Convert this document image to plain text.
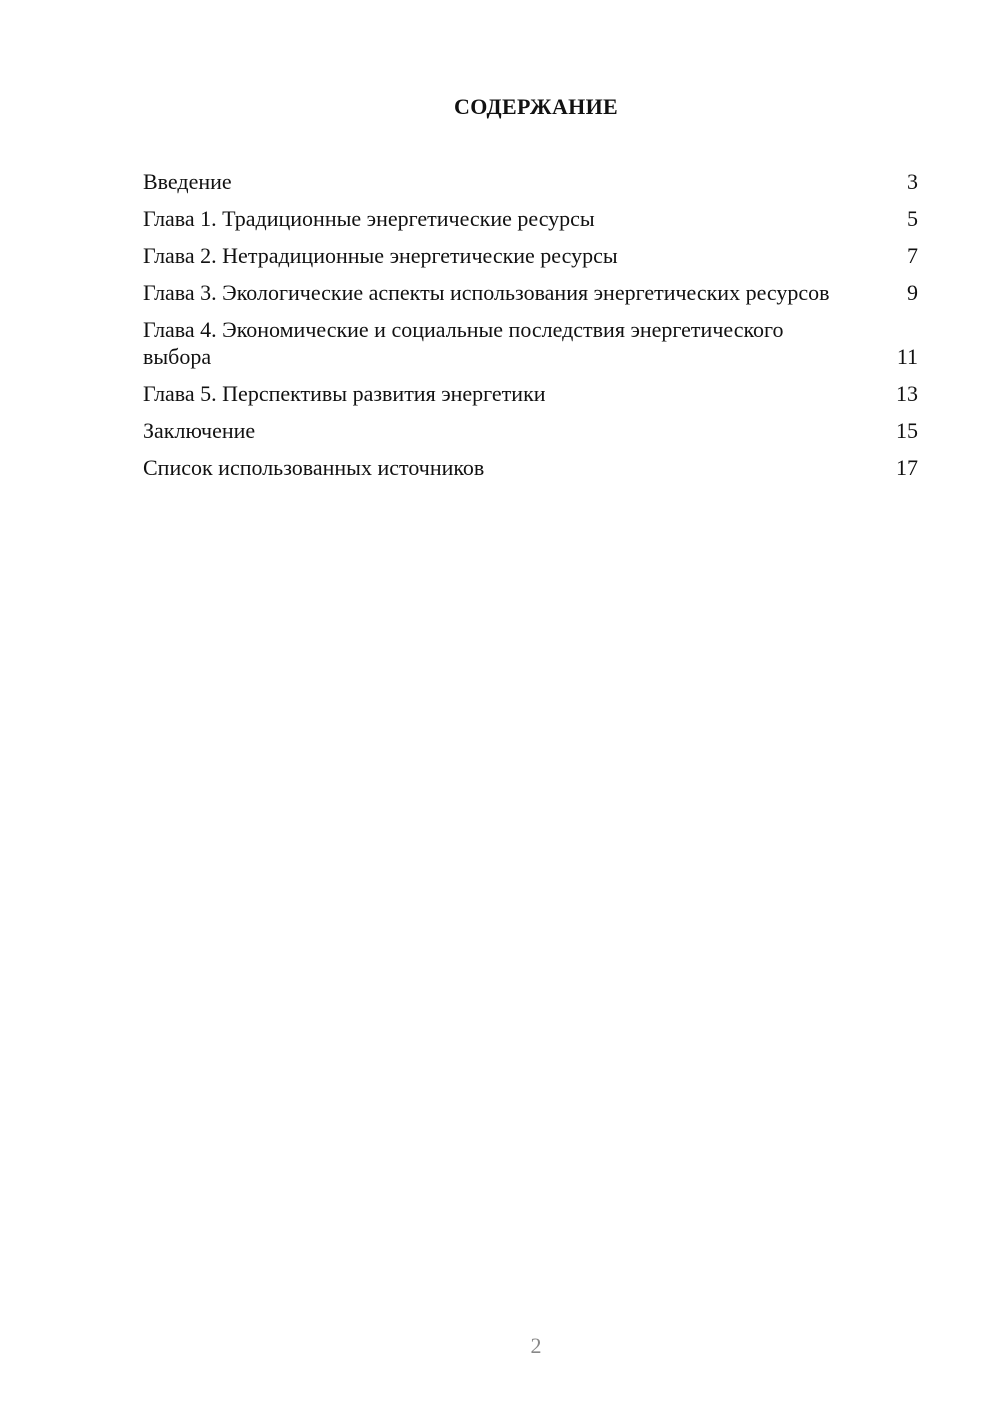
СОДЕРЖАНИЕ
Введение	3
Глава 1. Традиционные энергетические ресурсы	5
Глава 2. Нетрадиционные энергетические ресурсы	7
Глава 3. Экологические аспекты использования энергетических ресурсов	9
Глава 4. Экономические и социальные последствия энергетического выбора	11
Глава 5. Перспективы развития энергетики	13
Заключение	15
Список использованных источников	17
2
